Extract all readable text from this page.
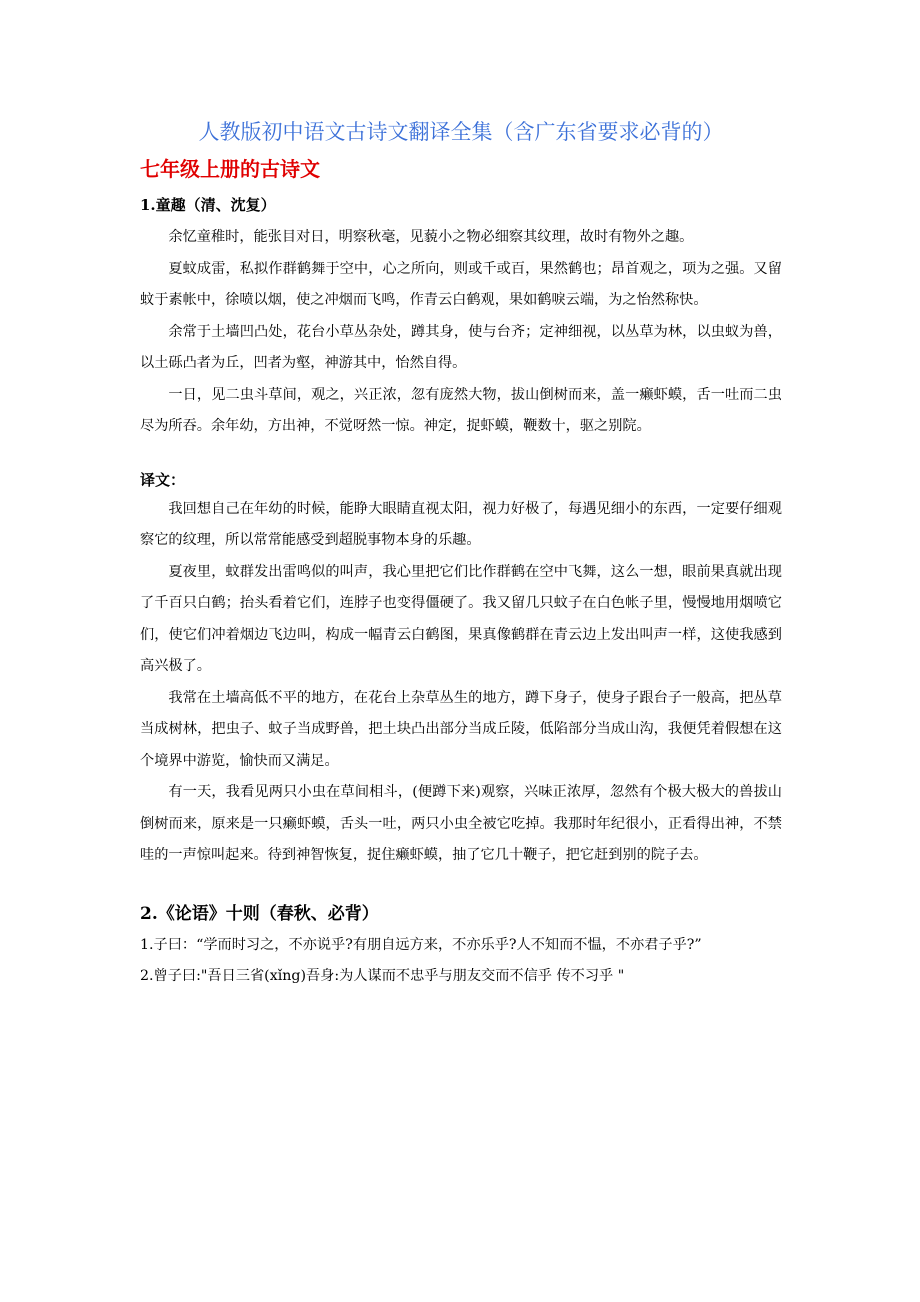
人教版初中语文古诗文翻译全集（含广东省要求必背的）
七年级上册的古诗文
1.童趣（清、沈复）

余忆童稚时，能张目对日，明察秋毫，见藐小之物必细察其纹理，故时有物外之趣。

夏蚊成雷，私拟作群鹤舞于空中，心之所向，则或千或百，果然鹤也；昂首观之，项为之强。又留蚊于素帐中，徐喷以烟，使之冲烟而飞鸣，作青云白鹤观，果如鹤唳云端，为之怡然称快。

余常于土墙凹凸处，花台小草丛杂处，蹲其身，使与台齐；定神细视，以丛草为林，以虫蚁为兽，以土砾凸者为丘，凹者为壑，神游其中，怡然自得。

一日，见二虫斗草间，观之，兴正浓，忽有庞然大物，拔山倒树而来，盖一癞虾蟆，舌一吐而二虫尽为所吞。余年幼，方出神，不觉呀然一惊。神定，捉虾蟆，鞭数十，驱之别院。

译文：

我回想自己在年幼的时候，能睁大眼睛直视太阳，视力好极了，每遇见细小的东西，一定要仔细观察它的纹理，所以常常能感受到超脱事物本身的乐趣。

夏夜里，蚊群发出雷鸣似的叫声，我心里把它们比作群鹤在空中飞舞，这么一想，眼前果真就出现了千百只白鹤；抬头看着它们，连脖子也变得僵硬了。我又留几只蚊子在白色帐子里，慢慢地用烟喷它们，使它们冲着烟边飞边叫，构成一幅青云白鹤图，果真像鹤群在青云边上发出叫声一样，这使我感到高兴极了。

我常在土墙高低不平的地方，在花台上杂草丛生的地方，蹲下身子，使身子跟台子一般高，把丛草当成树林，把虫子、蚊子当成野兽，把土块凸出部分当成丘陵，低陷部分当成山沟，我便凭着假想在这个境界中游览，愉快而又满足。

有一天，我看见两只小虫在草间相斗，(便蹲下来)观察，兴味正浓厚，忽然有个极大极大的兽拔山倒树而来，原来是一只癞虾蟆，舌头一吐，两只小虫全被它吃掉。我那时年纪很小，正看得出神，不禁哇的一声惊叫起来。待到神智恢复，捉住癞虾蟆，抽了它几十鞭子，把它赶到别的院子去。

2.《论语》十则（春秋、必背）

1.子曰：“学而时习之，不亦说乎?有朋自远方来，不亦乐乎?人不知而不愠，不亦君子乎?”

2.曾子曰:"吾日三省(xǐng)吾身:为人谋而不忠乎与朋友交而不信乎 传不习乎 "
